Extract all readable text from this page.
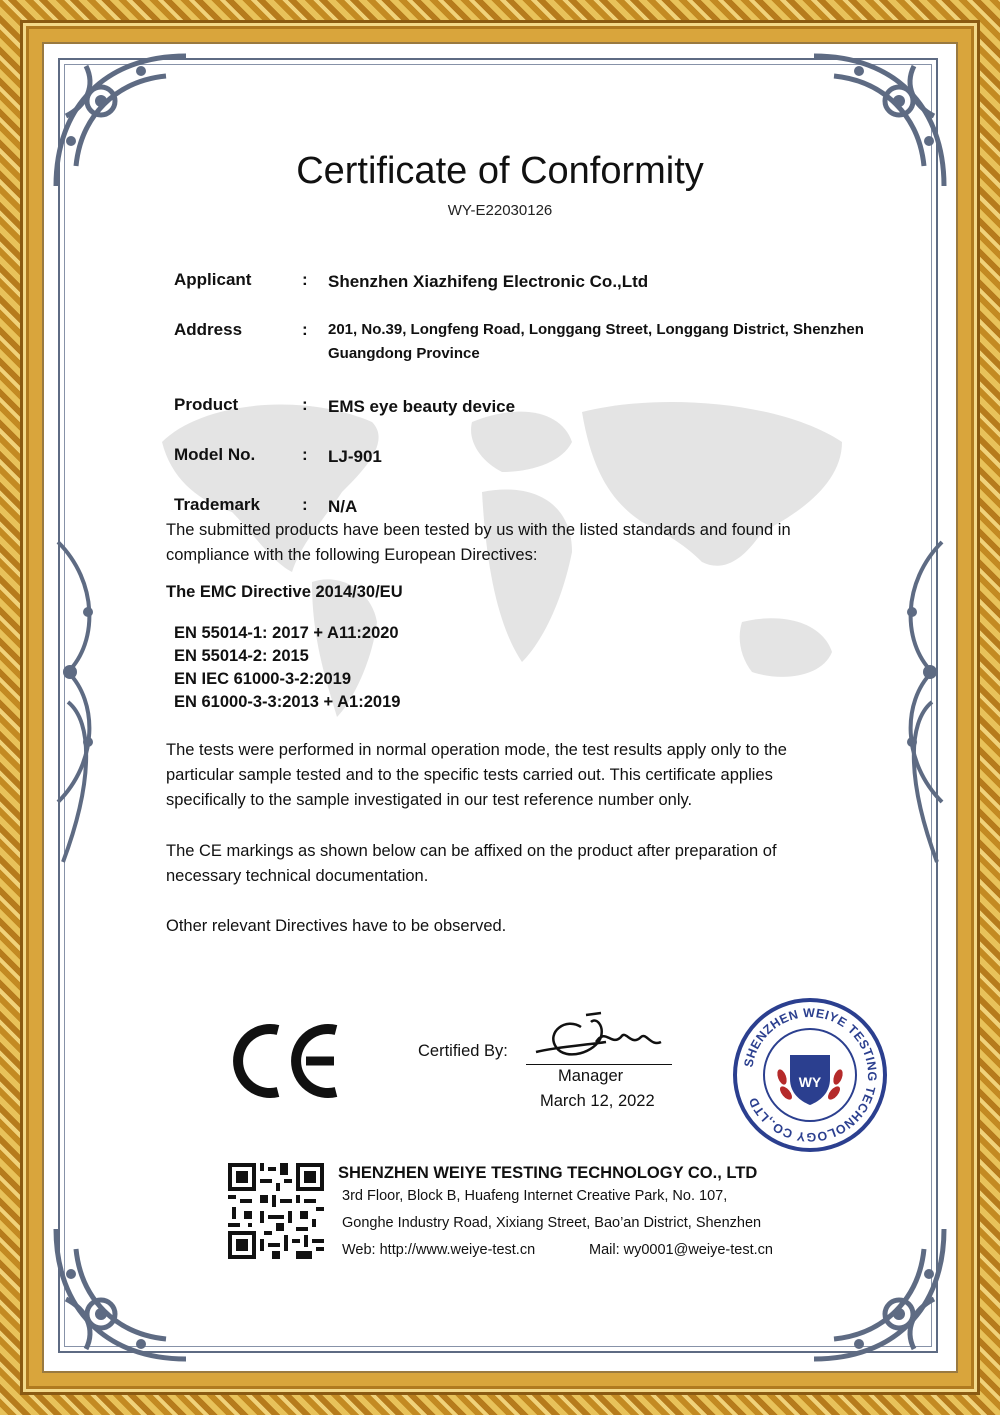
Certificate of Conformity
WY-E22030126
Applicant	: Shenzhen Xiazhifeng Electronic Co.,Ltd
Address	: 201, No.39, Longfeng Road, Longgang Street, Longgang District, Shenzhen Guangdong Province
Product	: EMS eye beauty device
Model No.	: LJ-901
Trademark	: N/A
The submitted products have been tested by us with the listed standards and found in compliance with the following European Directives:
The EMC Directive 2014/30/EU
EN 55014-1: 2017 + A11:2020
EN 55014-2: 2015
EN IEC 61000-3-2:2019
EN 61000-3-3:2013 + A1:2019
The tests were performed in normal operation mode, the test results apply only to the particular sample tested and to the specific tests carried out. This certificate applies specifically to the sample investigated in our test reference number only.
The CE markings as shown below can be affixed on the product after preparation of necessary technical documentation.
Other relevant Directives have to be observed.
Certified By:
Manager
March 12, 2022
SHENZHEN WEIYE TESTING TECHNOLOGY CO.,LTD
WY
SHENZHEN WEIYE TESTING TECHNOLOGY CO., LTD
3rd Floor, Block B, Huafeng Internet Creative Park, No. 107,
Gonghe Industry Road, Xixiang Street, Bao’an District, Shenzhen
Web: http://www.weiye-test.cn	Mail: wy0001@weiye-test.cn
